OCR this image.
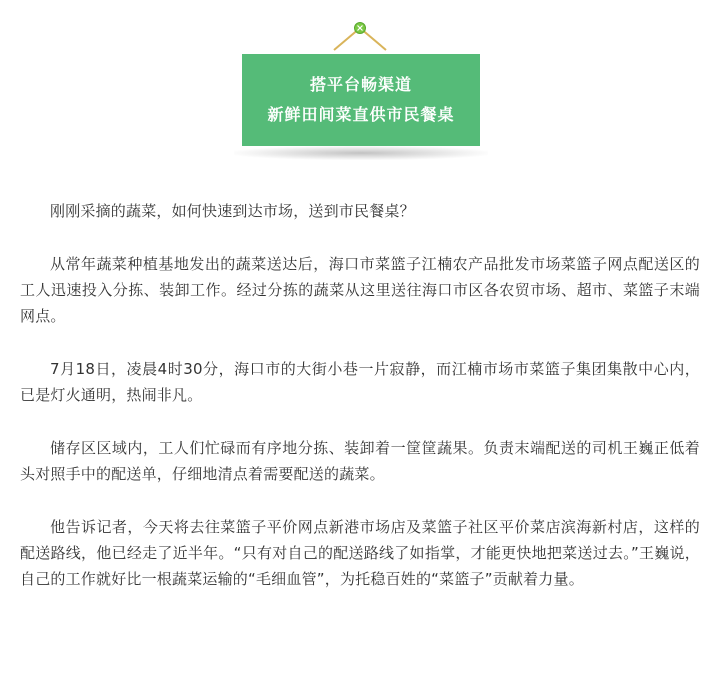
搭平台畅渠道
新鲜田间菜直供市民餐桌

刚刚采摘的蔬菜，如何快速到达市场，送到市民餐桌？

从常年蔬菜种植基地发出的蔬菜送达后，海口市菜篮子江楠农产品批发市场菜篮子网点配送区的工人迅速投入分拣、装卸工作。经过分拣的蔬菜从这里送往海口市区各农贸市场、超市、菜篮子末端网点。

7月18日，凌晨4时30分，海口市的大街小巷一片寂静，而江楠市场市菜篮子集团集散中心内，已是灯火通明，热闹非凡。

储存区区域内，工人们忙碌而有序地分拣、装卸着一筐筐蔬果。负责末端配送的司机王巍正低着头对照手中的配送单，仔细地清点着需要配送的蔬菜。

他告诉记者，今天将去往菜篮子平价网点新港市场店及菜篮子社区平价菜店滨海新村店，这样的配送路线，他已经走了近半年。“只有对自己的配送路线了如指掌，才能更快地把菜送过去。”王巍说，自己的工作就好比一根蔬菜运输的“毛细血管”，为托稳百姓的“菜篮子”贡献着力量。
